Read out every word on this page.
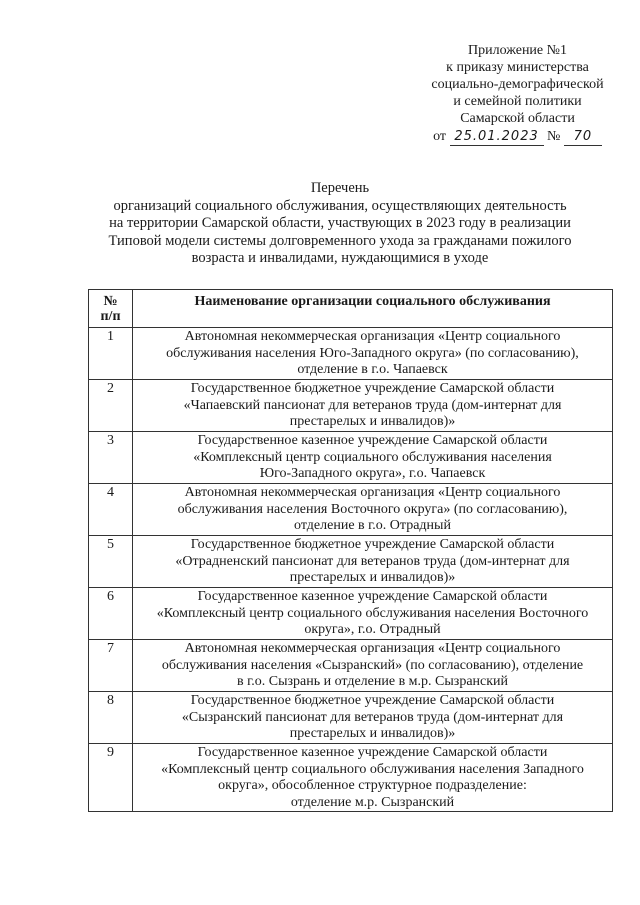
Приложение №1
к приказу министерства
социально-демографической
и семейной политики
Самарской области
от 25.01.2023 № 70
Перечень
организаций социального обслуживания, осуществляющих деятельность
на территории Самарской области, участвующих в 2023 году в реализации
Типовой модели системы долговременного ухода за гражданами пожилого
возраста и инвалидами, нуждающимися в уходе
№
п/п	Наименование организации социального обслуживания
1	Автономная некоммерческая организация «Центр социального
обслуживания населения Юго-Западного округа» (по согласованию),
отделение в г.о. Чапаевск

2	Государственное бюджетное учреждение Самарской области
«Чапаевский пансионат для ветеранов труда (дом-интернат для
престарелых и инвалидов)»

3	Государственное казенное учреждение Самарской области
«Комплексный центр социального обслуживания населения
Юго-Западного округа», г.о. Чапаевск

4	Автономная некоммерческая организация «Центр социального
обслуживания населения Восточного округа» (по согласованию),
отделение в г.о. Отрадный

5	Государственное бюджетное учреждение Самарской области
«Отрадненский пансионат для ветеранов труда (дом-интернат для
престарелых и инвалидов)»

6	Государственное казенное учреждение Самарской области
«Комплексный центр социального обслуживания населения Восточного
округа», г.о. Отрадный

7	Автономная некоммерческая организация «Центр социального
обслуживания населения «Сызранский» (по согласованию), отделение
в г.о. Сызрань и отделение в м.р. Сызранский

8	Государственное бюджетное учреждение Самарской области
«Сызранский пансионат для ветеранов труда (дом-интернат для
престарелых и инвалидов)»

9	Государственное казенное учреждение Самарской области
«Комплексный центр социального обслуживания населения Западного
округа», обособленное структурное подразделение:
отделение м.р. Сызранский
